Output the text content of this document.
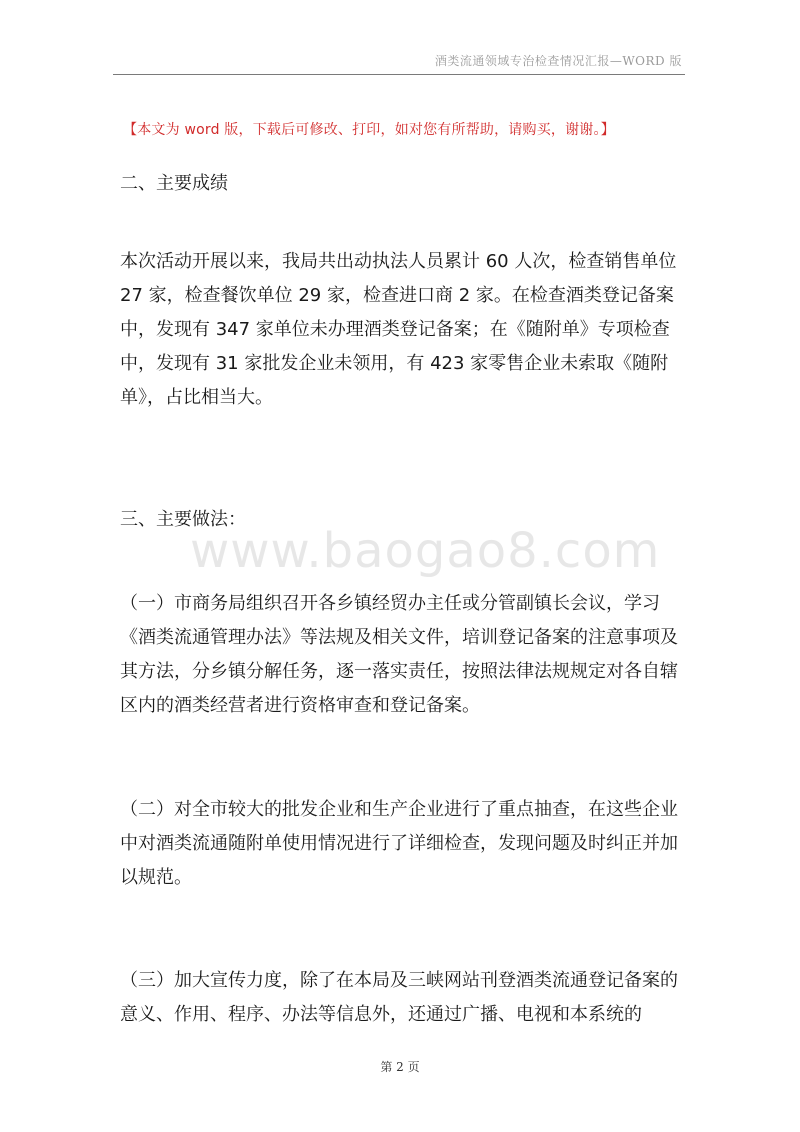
酒类流通领域专治检查情况汇报—WORD 版
【本文为 word 版，下载后可修改、打印，如对您有所帮助，请购买，谢谢。】

二、主要成绩

本次活动开展以来，我局共出动执法人员累计 60 人次，检查销售单位 27 家，检查餐饮单位 29 家，检查进口商 2 家。在检查酒类登记备案中，发现有 347 家单位未办理酒类登记备案；在《随附单》专项检查中，发现有 31 家批发企业未领用，有 423 家零售企业未索取《随附单》，占比相当大。

三、主要做法：

www.baogao8.com

（一）市商务局组织召开各乡镇经贸办主任或分管副镇长会议，学习《酒类流通管理办法》等法规及相关文件，培训登记备案的注意事项及其方法，分乡镇分解任务，逐一落实责任，按照法律法规规定对各自辖区内的酒类经营者进行资格审查和登记备案。

（二）对全市较大的批发企业和生产企业进行了重点抽查，在这些企业中对酒类流通随附单使用情况进行了详细检查，发现问题及时纠正并加以规范。

（三）加大宣传力度，除了在本局及三峡网站刊登酒类流通登记备案的意义、作用、程序、办法等信息外，还通过广播、电视和本系统的

第 2 页
